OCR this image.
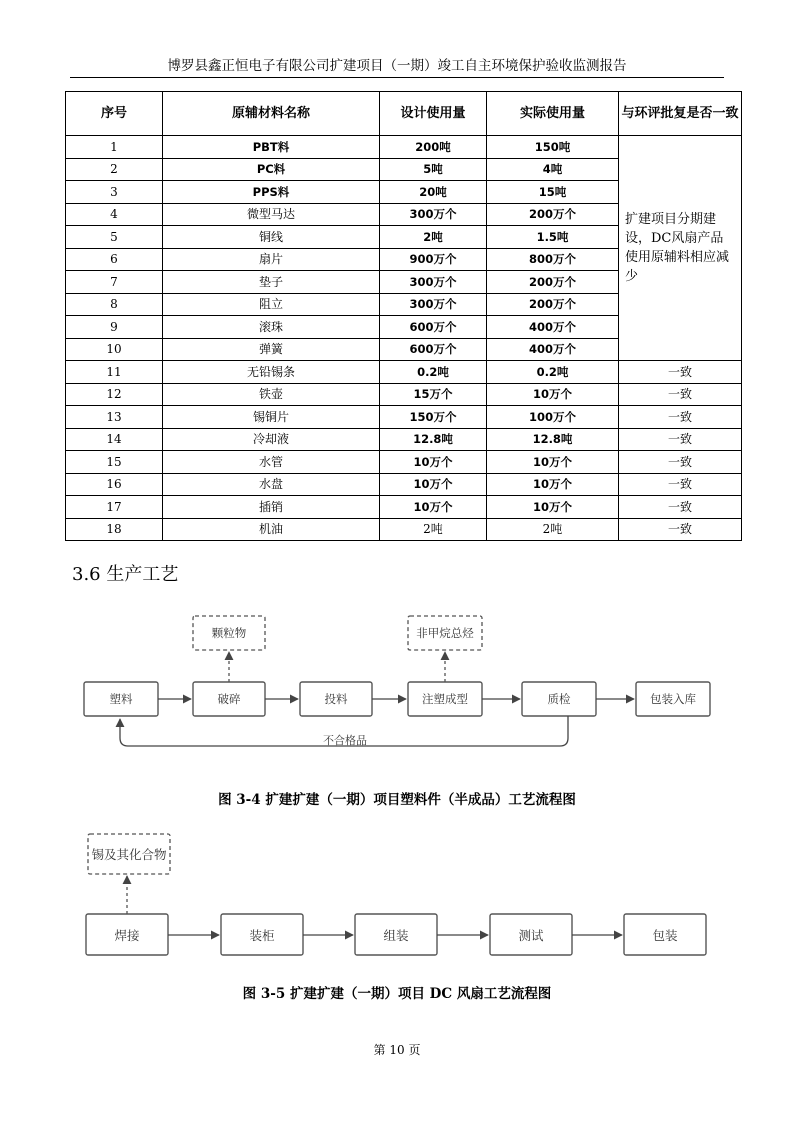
博罗县鑫正恒电子有限公司扩建项目（一期）竣工自主环境保护验收监测报告
序号	原辅材料名称	设计使用量	实际使用量	与环评批复是否一致
1	PBT料	200吨	150吨	扩建项目分期建设，DC风扇产品使用原辅料相应减少
2	PC料	5吨	4吨	
3	PPS料	20吨	15吨	
4	微型马达	300万个	200万个	
5	铜线	2吨	1.5吨	
6	扇片	900万个	800万个	
7	垫子	300万个	200万个	
8	阻立	300万个	200万个	
9	滚珠	600万个	400万个	
10	弹簧	600万个	400万个	
11	无铅锡条	0.2吨	0.2吨	一致
12	铁壶	15万个	10万个	一致
13	锡铜片	150万个	100万个	一致
14	冷却液	12.8吨	12.8吨	一致
15	水管	10万个	10万个	一致
16	水盘	10万个	10万个	一致
17	插销	10万个	10万个	一致
18	机油	2吨	2吨	一致
3.6 生产工艺
颗粒物	非甲烷总烃
塑料	破碎	投料	注塑成型	质检	包装入库
不合格品
锡及其化合物
焊接	装柜	组装	测试	包装
图 3-4 扩建扩建（一期）项目塑料件（半成品）工艺流程图
图 3-5 扩建扩建（一期）项目 DC 风扇工艺流程图
第 10 页
